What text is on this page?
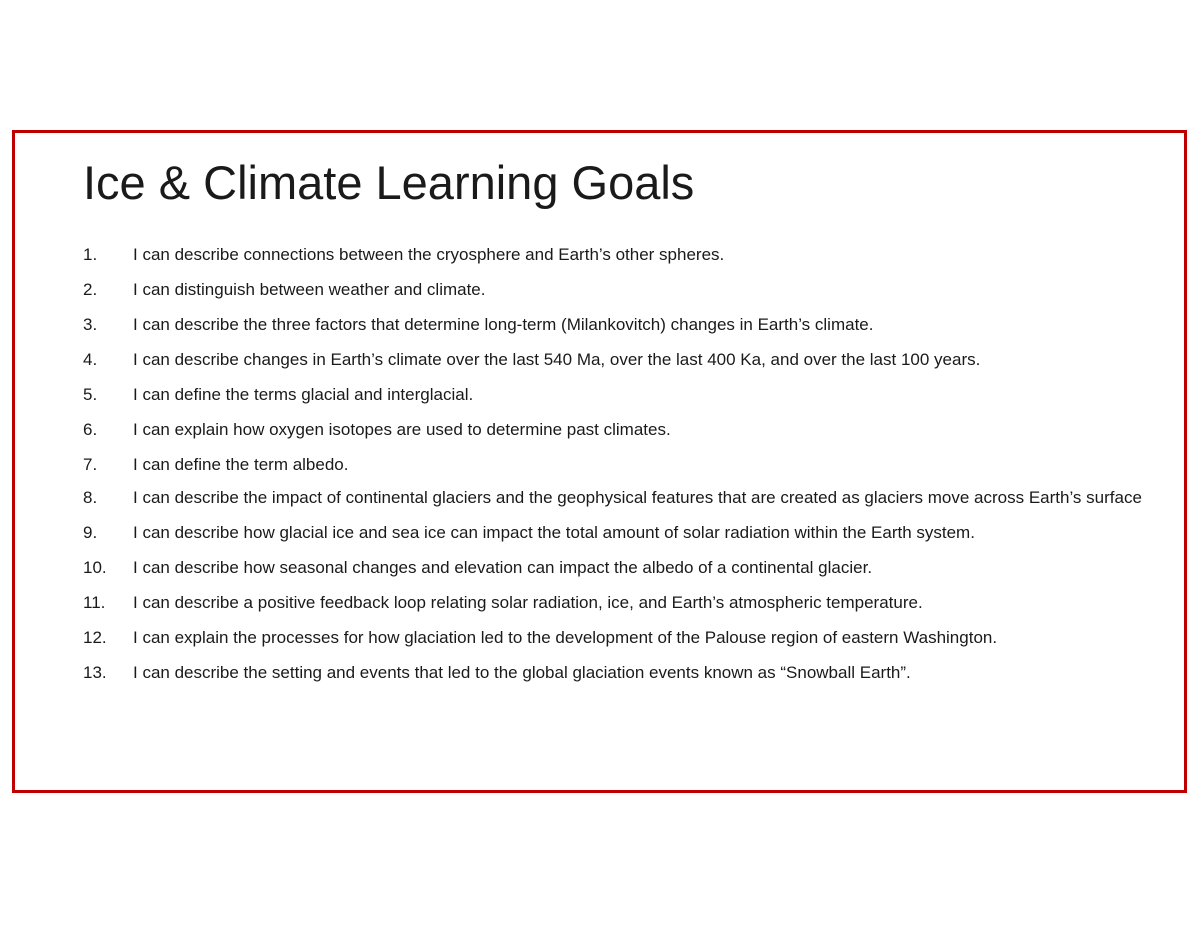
Ice & Climate Learning Goals
1.	I can describe connections between the cryosphere and Earth’s other spheres.
2.	I can distinguish between weather and climate.
3.	I can describe the three factors that determine long-term (Milankovitch) changes in Earth’s climate.
4.	I can describe changes in Earth’s climate over the last 540 Ma, over the last 400 Ka, and over the last 100 years.
5.	I can define the terms glacial and interglacial.
6.	I can explain how oxygen isotopes are used to determine past climates.
7.	I can define the term albedo.
8.	I can describe the impact of continental glaciers and the geophysical features that are created as glaciers move across Earth’s surface
9.	I can describe how glacial ice and sea ice can impact the total amount of solar radiation within the Earth system.
10.	I can describe how seasonal changes and elevation can impact the albedo of a continental glacier.
11.	I can describe a positive feedback loop relating solar radiation, ice, and Earth’s atmospheric temperature.
12.	I can explain the processes for how glaciation led to the development of the Palouse region of eastern Washington.
13.	I can describe the setting and events that led to the global glaciation events known as “Snowball Earth”.
